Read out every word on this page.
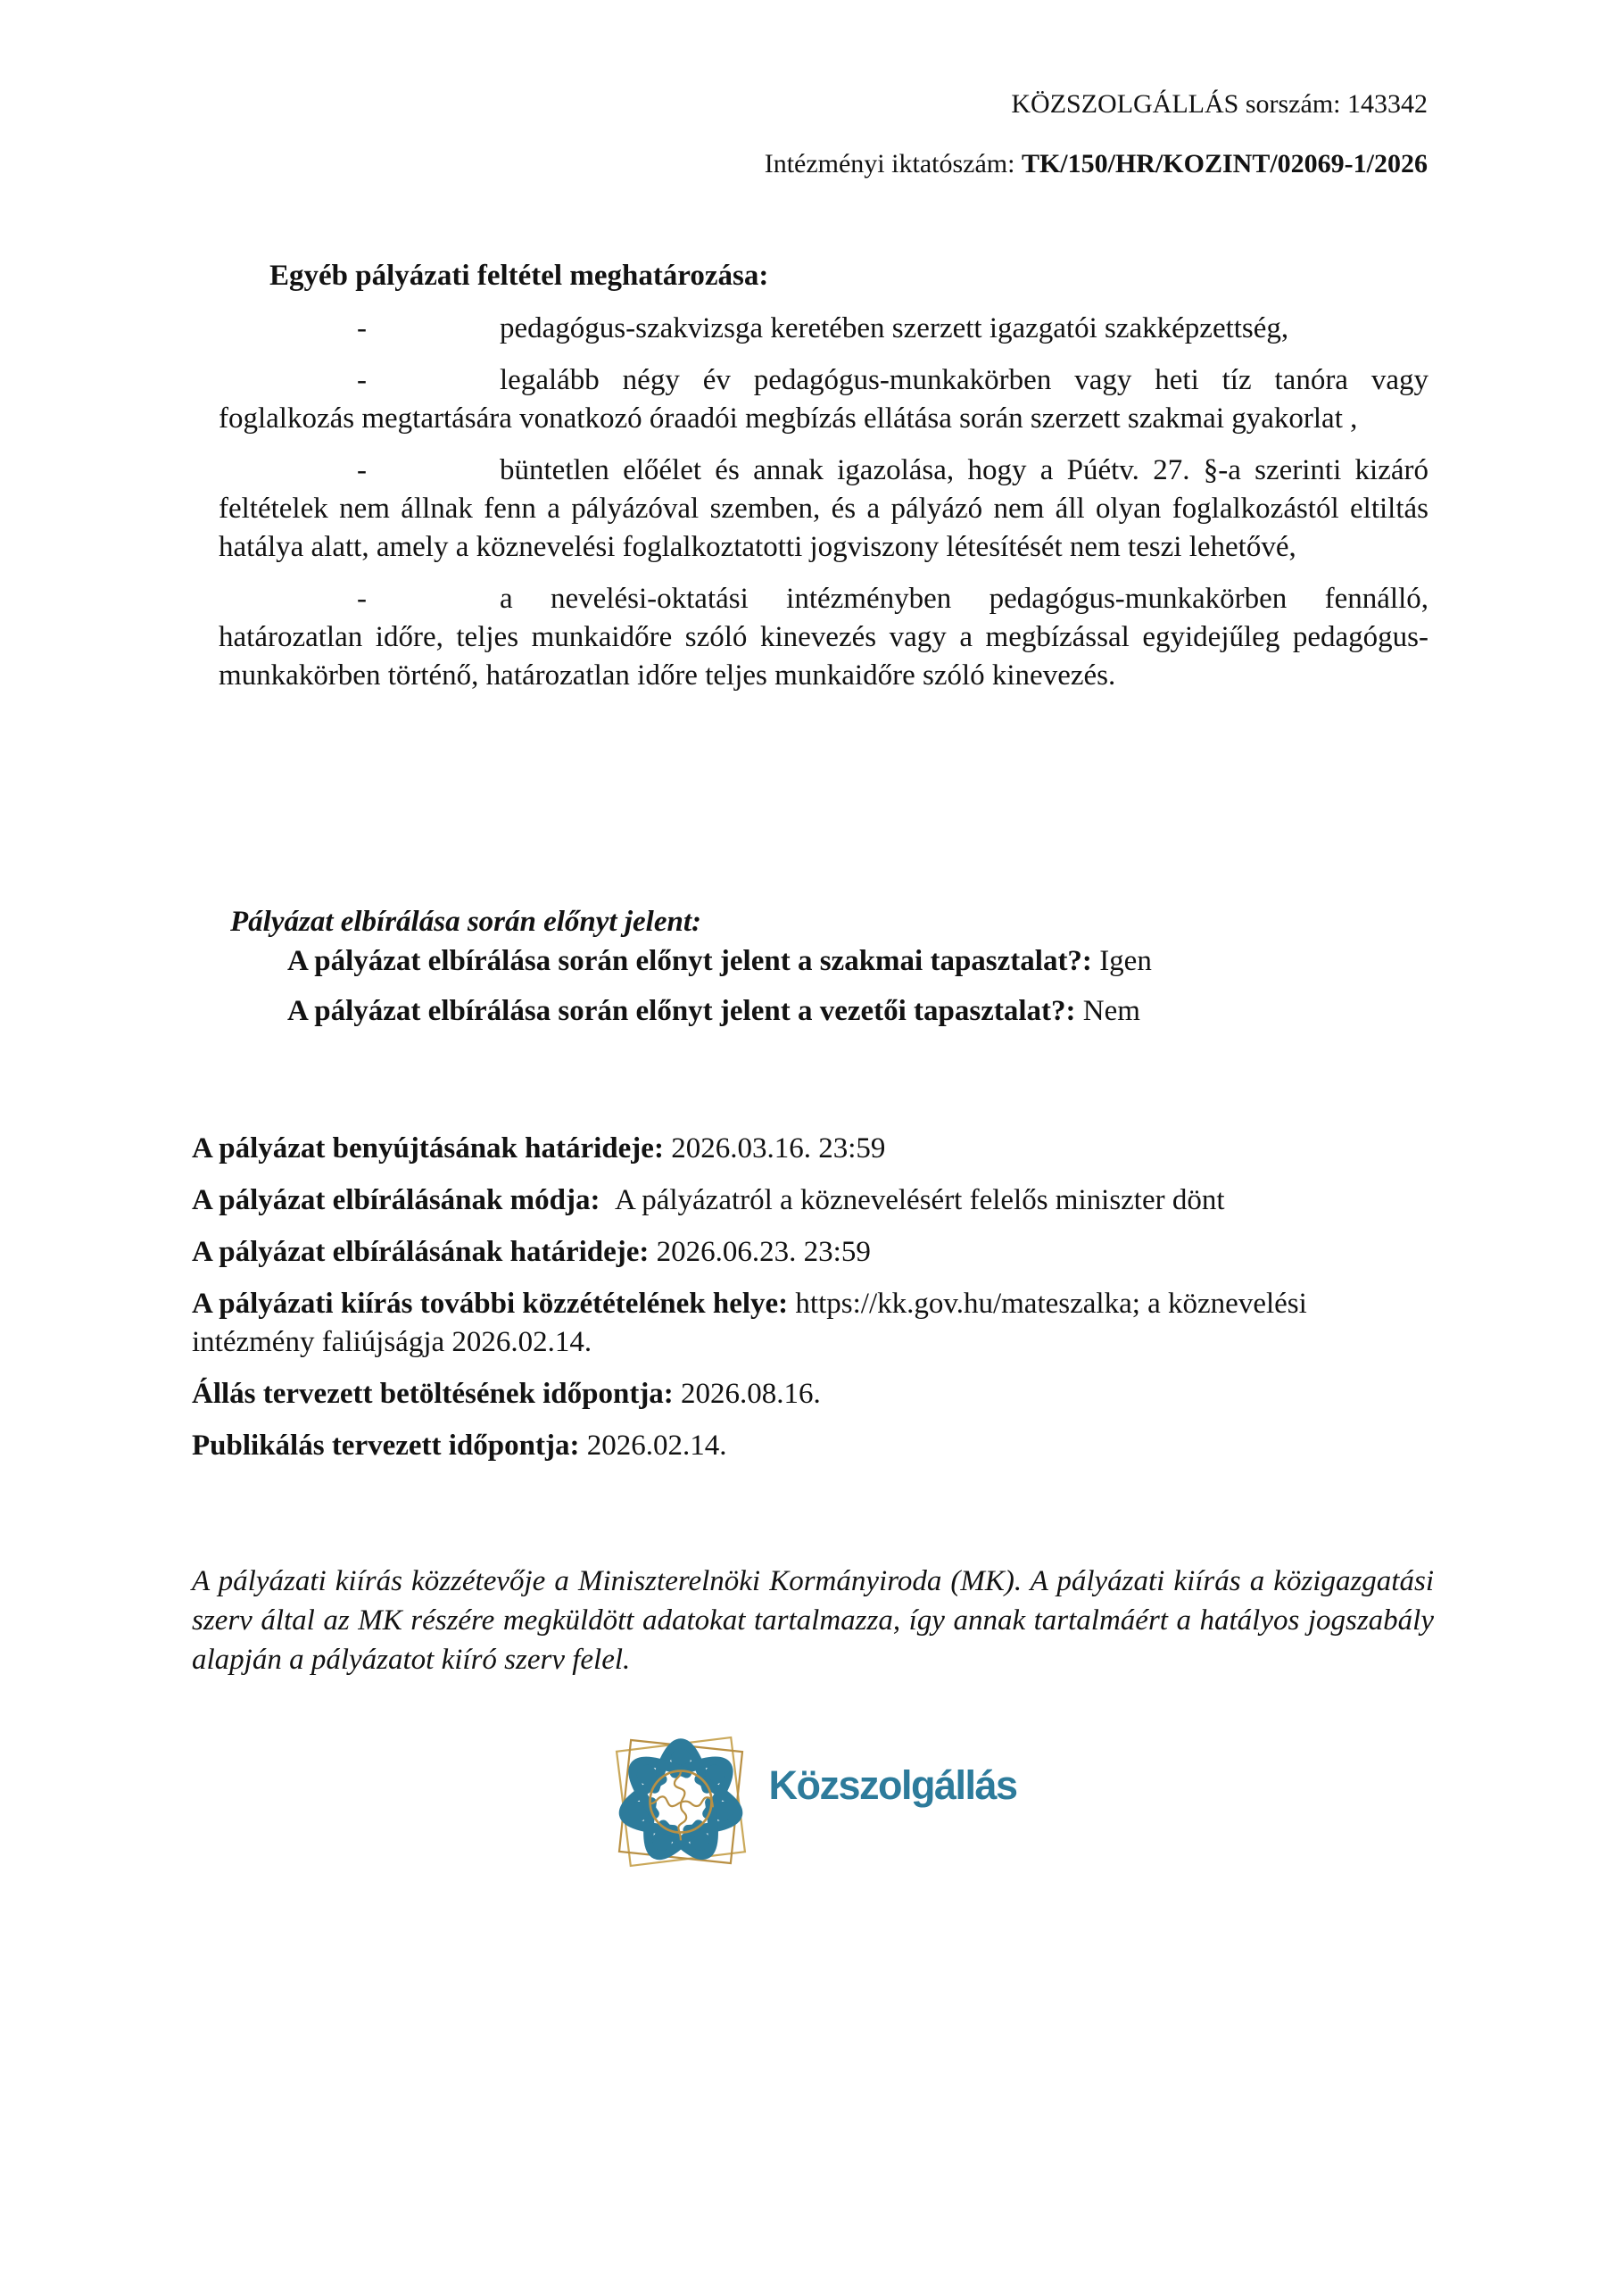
KÖZSZOLGÁLLÁS sorszám: 143342
Intézményi iktatószám: TK/150/HR/KOZINT/02069-1/2026
Egyéb pályázati feltétel meghatározása:

-	pedagógus-szakvizsga keretében szerzett igazgatói szakképzettség,

-	legalább négy év pedagógus-munkakörben vagy heti tíz tanóra vagy foglalkozás megtartására vonatkozó óraadói megbízás ellátása során szerzett szakmai gyakorlat ,

-	büntetlen előélet és annak igazolása, hogy a Púétv. 27. §-a szerinti kizáró feltételek nem állnak fenn a pályázóval szemben, és a pályázó nem áll olyan foglalkozástól eltiltás hatálya alatt, amely a köznevelési foglalkoztatotti jogviszony létesítését nem teszi lehetővé,

-	a nevelési-oktatási intézményben pedagógus-munkakörben fennálló, határozatlan időre, teljes munkaidőre szóló kinevezés vagy a megbízással egyidejűleg pedagógus-munkakörben történő, határozatlan időre teljes munkaidőre szóló kinevezés.

Pályázat elbírálása során előnyt jelent:

A pályázat elbírálása során előnyt jelent a szakmai tapasztalat?: Igen

A pályázat elbírálása során előnyt jelent a vezetői tapasztalat?: Nem

A pályázat benyújtásának határideje: 2026.03.16. 23:59

A pályázat elbírálásának módja:  A pályázatról a köznevelésért felelős miniszter dönt

A pályázat elbírálásának határideje: 2026.06.23. 23:59

A pályázati kiírás további közzétételének helye: https://kk.gov.hu/mateszalka; a köznevelési intézmény faliújságja 2026.02.14.

Állás tervezett betöltésének időpontja: 2026.08.16.

Publikálás tervezett időpontja: 2026.02.14.

A pályázati kiírás közzétevője a Miniszterelnöki Kormányiroda (MK). A pályázati kiírás a közigazgatási szerv által az MK részére megküldött adatokat tartalmazza, így annak tartalmáért a hatályos jogszabály alapján a pályázatot kiíró szerv felel.

Közszolgállás
